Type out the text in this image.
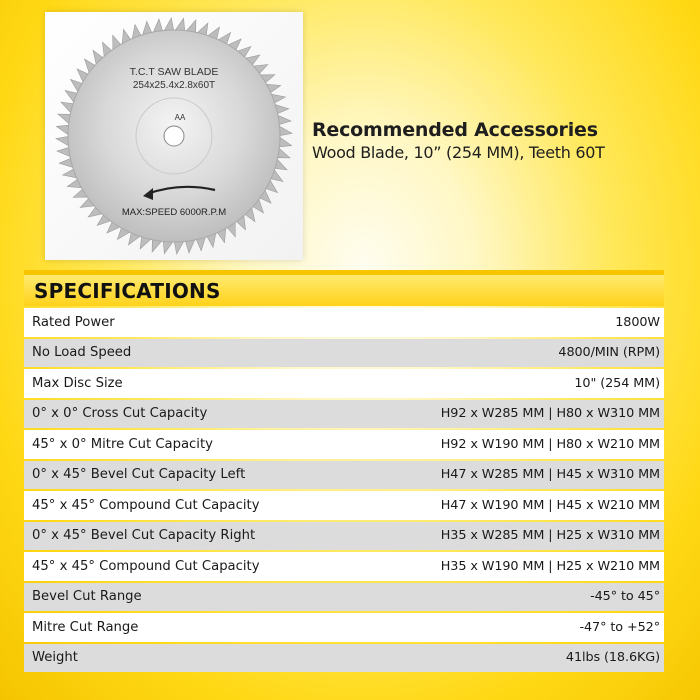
T.C.T SAW BLADE
254x25.4x2.8x60T
AA
MAX:SPEED 6000R.P.M
Recommended Accessories
Wood Blade, 10” (254 MM), Teeth 60T
SPECIFICATIONS
Rated Power	1800W
No Load Speed	4800/MIN (RPM)
Max Disc Size	10" (254 MM)
0° x 0° Cross Cut Capacity	H92 x W285 MM | H80 x W310 MM
45° x 0° Mitre Cut Capacity	H92 x W190 MM | H80 x W210 MM
0° x 45° Bevel Cut Capacity Left	H47 x W285 MM | H45 x W310 MM
45° x 45° Compound Cut Capacity	H47 x W190 MM | H45 x W210 MM
0° x 45° Bevel Cut Capacity Right	H35 x W285 MM | H25 x W310 MM
45° x 45° Compound Cut Capacity	H35 x W190 MM | H25 x W210 MM
Bevel Cut Range	-45° to 45°
Mitre Cut Range	-47° to +52°
Weight	41lbs (18.6KG)
